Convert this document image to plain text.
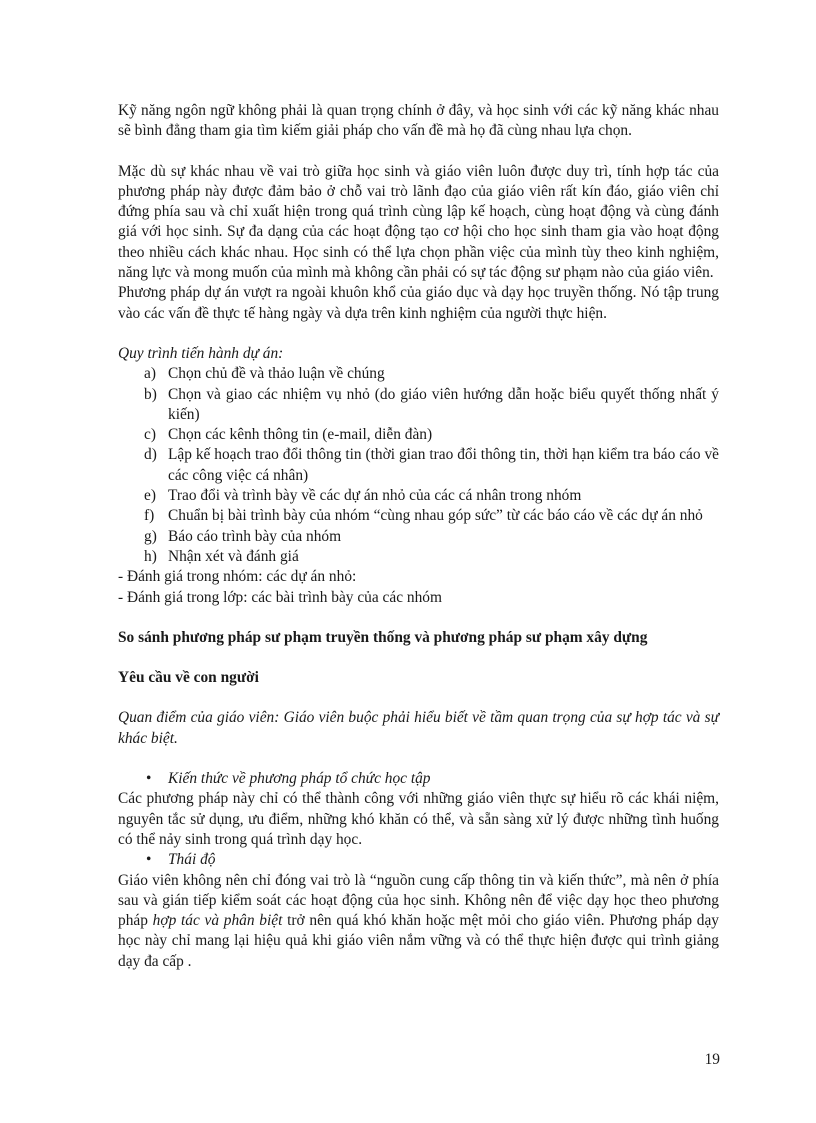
Kỹ năng ngôn ngữ không phải là quan trọng chính ở đây, và học sinh với các kỹ năng khác nhau sẽ bình đẳng tham gia tìm kiếm giải pháp cho vấn đề mà họ đã cùng nhau lựa chọn.

Mặc dù sự khác nhau về vai trò giữa học sinh và giáo viên luôn được duy trì, tính hợp tác của phương pháp này được đảm bảo ở chỗ vai trò lãnh đạo của giáo viên rất kín đáo, giáo viên chỉ đứng phía sau và chỉ xuất hiện trong quá trình cùng lập kế hoạch, cùng hoạt động và cùng đánh giá với học sinh. Sự đa dạng của các hoạt động tạo cơ hội cho học sinh tham gia vào hoạt động theo nhiều cách khác nhau. Học sinh có thể lựa chọn phần việc của mình tùy theo kinh nghiệm, năng lực và mong muốn của mình mà không cần phải có sự tác động sư phạm nào của giáo viên.

Phương pháp dự án vượt ra ngoài khuôn khổ của giáo dục và dạy học truyền thống. Nó tập trung vào các vấn đề thực tế hàng ngày và dựa trên kinh nghiệm của người thực hiện.

Quy trình tiến hành dự án:

a) Chọn chủ đề và thảo luận về chúng
b) Chọn và giao các nhiệm vụ nhỏ (do giáo viên hướng dẫn hoặc biểu quyết thống nhất ý kiến)
c) Chọn các kênh thông tin (e-mail, diễn đàn)
d) Lập kế hoạch trao đổi thông tin (thời gian trao đổi thông tin, thời hạn kiểm tra báo cáo về các công việc cá nhân)
e) Trao đổi và trình bày về các dự án nhỏ của các cá nhân trong nhóm
f) Chuẩn bị bài trình bày của nhóm “cùng nhau góp sức” từ các báo cáo về các dự án nhỏ
g) Báo cáo trình bày của nhóm
h) Nhận xét và đánh giá

- Đánh giá trong nhóm: các dự án nhỏ:

- Đánh giá trong lớp: các bài trình bày của các nhóm

So sánh phương pháp sư phạm truyền thống và phương pháp sư phạm xây dựng

Yêu cầu về con người

Quan điểm của giáo viên: Giáo viên buộc phải hiểu biết về tầm quan trọng của sự hợp tác và sự khác biệt.

• Kiến thức về phương pháp tổ chức học tập

Các phương pháp này chỉ có thể thành công với những giáo viên thực sự hiểu rõ các khái niệm, nguyên tắc sử dụng, ưu điểm, những khó khăn có thể, và sẵn sàng xử lý được những tình huống có thể nảy sinh trong quá trình dạy học.

• Thái độ

Giáo viên không nên chỉ đóng vai trò là “nguồn cung cấp thông tin và kiến thức”, mà nên ở phía sau và gián tiếp kiểm soát các hoạt động của học sinh. Không nên để việc dạy học theo phương pháp hợp tác và phân biệt trở nên quá khó khăn hoặc mệt mỏi cho giáo viên. Phương pháp dạy học này chỉ mang lại hiệu quả khi giáo viên nắm vững và có thể thực hiện được qui trình giảng dạy đa cấp .

19
